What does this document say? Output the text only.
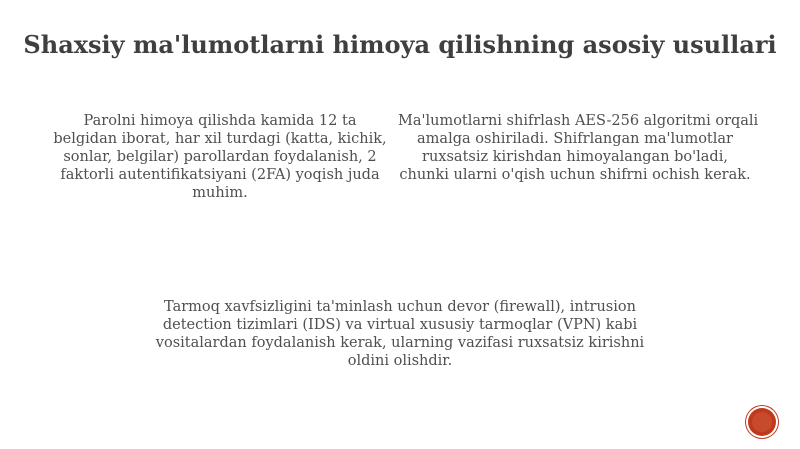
Shaxsiy ma'lumotlarni himoya qilishning asosiy usullari
Parolni himoya qilishda kamida 12 ta
belgidan iborat, har xil turdagi (katta, kichik,
sonlar, belgilar) parollardan foydalanish, 2
faktorli autentifikatsiyani (2FA) yoqish juda
muhim.
Ma'lumotlarni shifrlash AES-256 algoritmi orqali
amalga oshiriladi. Shifrlangan ma'lumotlar
ruxsatsiz kirishdan himoyalangan bo'ladi,
chunki ularni o'qish uchun shifrni ochish kerak.
Tarmoq xavfsizligini ta'minlash uchun devor (firewall), intrusion
detection tizimlari (IDS) va virtual xususiy tarmoqlar (VPN) kabi
vositalardan foydalanish kerak, ularning vazifasi ruxsatsiz kirishni
oldini olishdir.
